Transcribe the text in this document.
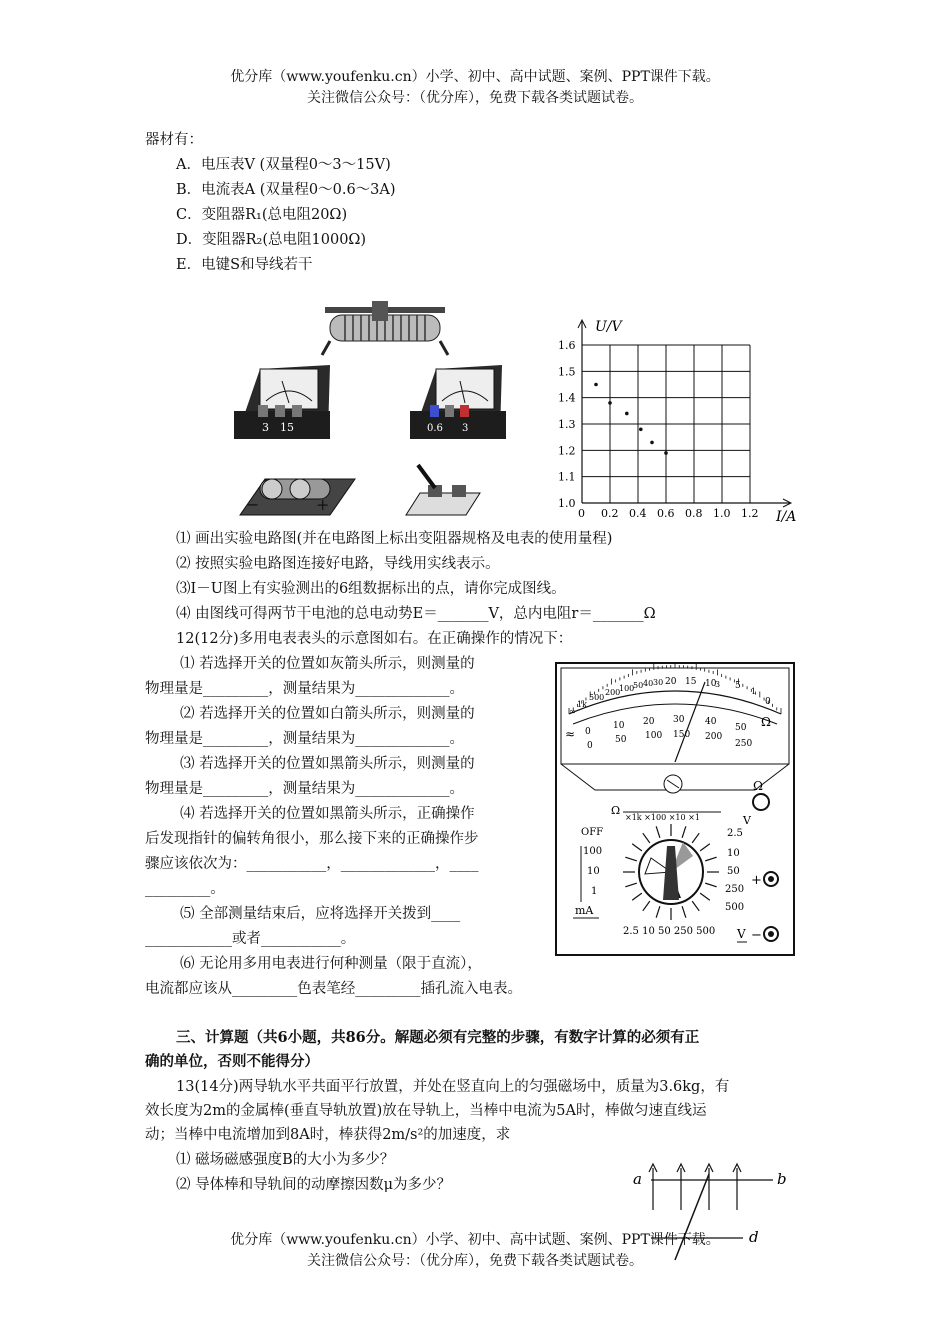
优分库（www.youfenku.cn）小学、初中、高中试题、案例、PPT课件下载。
关注微信公众号：（优分库），免费下载各类试题试卷。
器材有：
A．电压表V (双量程0～3～15V)
B．电流表A (双量程0～0.6～3A)
C．变阻器R₁(总电阻20Ω)
D．变阻器R₂(总电阻1000Ω)
E．电键S和导线若干
3 15	0.6 3
−	+	0 0.2 0.4 0.6 0.8 1.0 1.2
1.0
1.1
1.2
1.3
1.4
1.5
1.6
U/V
I/A
⑴ 画出实验电路图(并在电路图上标出变阻器规格及电表的使用量程)
⑵ 按照实验电路图连接好电路，导线用实线表示。
⑶I－U图上有实验测出的6组数据标出的点，请你完成图线。
⑷ 由图线可得两节干电池的总电动势E＝_______V，总内电阻r＝_______Ω
12(12分)多用电表表头的示意图如右。在正确操作的情况下：
⑴ 若选择开关的位置如灰箭头所示，则测量的
物理量是_________，测量结果为_____________。
⑵ 若选择开关的位置如白箭头所示，则测量的
物理量是_________，测量结果为_____________。
⑶ 若选择开关的位置如黑箭头所示，则测量的
物理量是_________，测量结果为_____________。
⑷ 若选择开关的位置如黑箭头所示，正确操作
后发现指针的偏转角很小，那么接下来的正确操作步
骤应该依次为：___________，_____________，____
_________。
⑸ 全部测量结束后，应将选择开关拨到____
____________或者___________。
⑹ 无论用多用电表进行何种测量（限于直流），
电流都应该从_________色表笔经_________插孔流入电表。
∞
1k
500
200
100
50 40 30 20 15 10 5
3
1
0
Ω
≈ 0
10 20 30 40
50
0
50 100 150 200
250
Ω
×1k ×100 ×10 ×1	V
Ω
OFF
100
10
1
mA
2.5
10
50
250
500
2.5 10 50 250 500 V
+
−
三、计算题（共6小题，共86分。解题必须有完整的步骤，有数字计算的必须有正
确的单位，否则不能得分）
13(14分)两导轨水平共面平行放置，并处在竖直向上的匀强磁场中，质量为3.6kg，有
效长度为2m的金属棒(垂直导轨放置)放在导轨上，当棒中电流为5A时，棒做匀速直线运
动；当棒中电流增加到8A时，棒获得2m/s²的加速度，求
⑴ 磁场磁感强度B的大小为多少？
⑵ 导体棒和导轨间的动摩擦因数μ为多少？	a	b
d
优分库（www.youfenku.cn）小学、初中、高中试题、案例、PPT课件下载。
关注微信公众号：（优分库），免费下载各类试题试卷。
